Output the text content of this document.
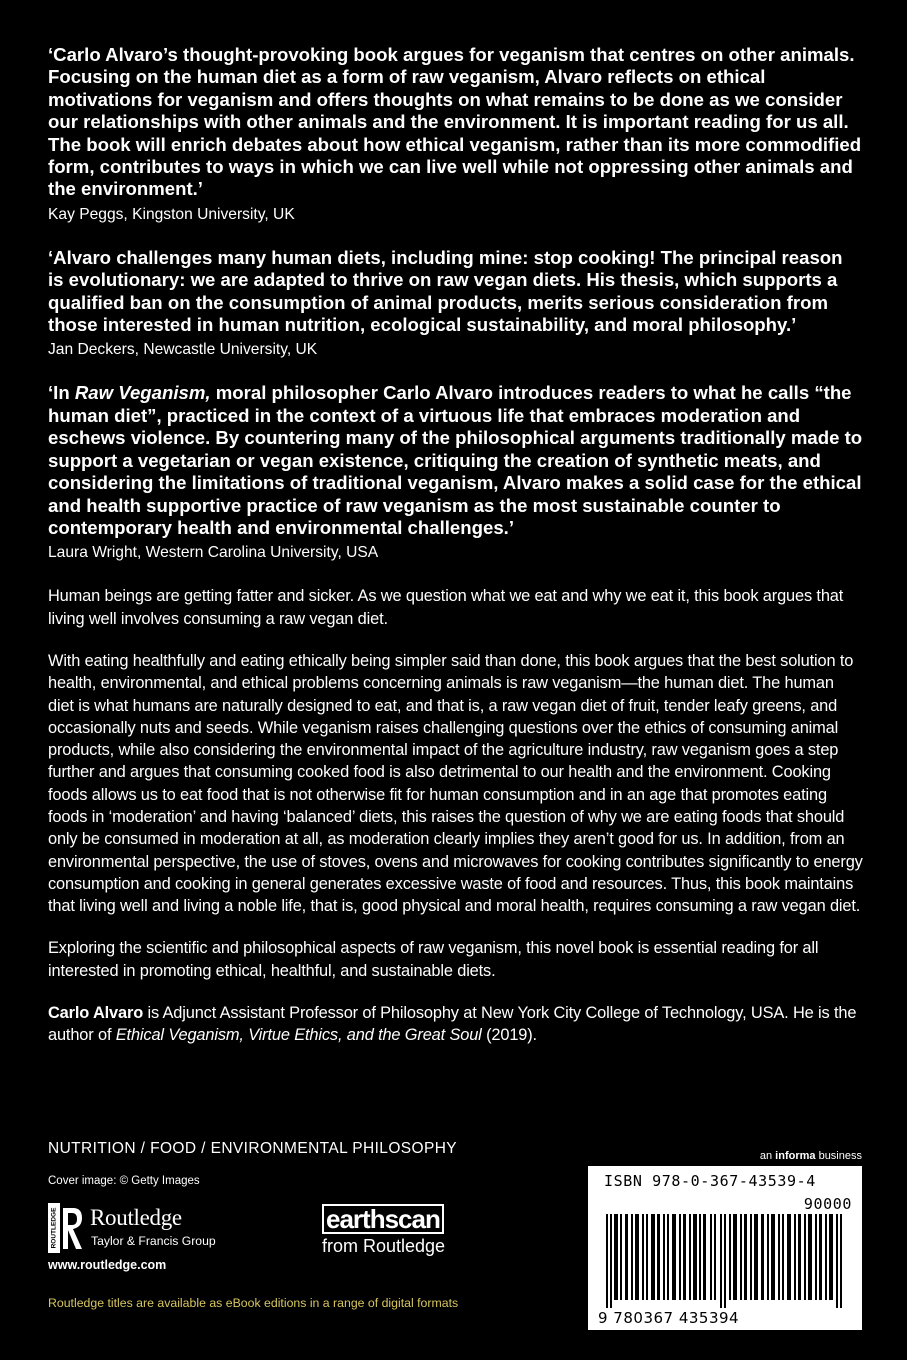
‘Carlo Alvaro’s thought-provoking book argues for veganism that centres on other animals. Focusing on the human diet as a form of raw veganism, Alvaro reflects on ethical motivations for veganism and offers thoughts on what remains to be done as we consider our relationships with other animals and the environment. It is important reading for us all. The book will enrich debates about how ethical veganism, rather than its more commodified form, contributes to ways in which we can live well while not oppressing other animals and the environment.’

Kay Peggs, Kingston University, UK

‘Alvaro challenges many human diets, including mine: stop cooking! The principal reason is evolutionary: we are adapted to thrive on raw vegan diets. His thesis, which supports a qualified ban on the consumption of animal products, merits serious consideration from those interested in human nutrition, ecological sustainability, and moral philosophy.’

Jan Deckers, Newcastle University, UK

‘In Raw Veganism, moral philosopher Carlo Alvaro introduces readers to what he calls “the human diet”, practiced in the context of a virtuous life that embraces moderation and eschews violence. By countering many of the philosophical arguments traditionally made to support a vegetarian or vegan existence, critiquing the creation of synthetic meats, and considering the limitations of traditional veganism, Alvaro makes a solid case for the ethical and health supportive practice of raw veganism as the most sustainable counter to contemporary health and environmental challenges.’

Laura Wright, Western Carolina University, USA

Human beings are getting fatter and sicker. As we question what we eat and why we eat it, this book argues that living well involves consuming a raw vegan diet.

With eating healthfully and eating ethically being simpler said than done, this book argues that the best solution to health, environmental, and ethical problems concerning animals is raw veganism—the human diet. The human diet is what humans are naturally designed to eat, and that is, a raw vegan diet of fruit, tender leafy greens, and occasionally nuts and seeds. While veganism raises challenging questions over the ethics of consuming animal products, while also considering the environmental impact of the agriculture industry, raw veganism goes a step further and argues that consuming cooked food is also detrimental to our health and the environment. Cooking foods allows us to eat food that is not otherwise fit for human consumption and in an age that promotes eating foods in ‘moderation’ and having ‘balanced’ diets, this raises the question of why we are eating foods that should only be consumed in moderation at all, as moderation clearly implies they aren’t good for us. In addition, from an environmental perspective, the use of stoves, ovens and microwaves for cooking contributes significantly to energy consumption and cooking in general generates excessive waste of food and resources. Thus, this book maintains that living well and living a noble life, that is, good physical and moral health, requires consuming a raw vegan diet.

Exploring the scientific and philosophical aspects of raw veganism, this novel book is essential reading for all interested in promoting ethical, healthful, and sustainable diets.

Carlo Alvaro is Adjunct Assistant Professor of Philosophy at New York City College of Technology, USA. He is the author of Ethical Veganism, Virtue Ethics, and the Great Soul (2019).

NUTRITION / FOOD / ENVIRONMENTAL PHILOSOPHY	an informa business
Cover image: © Getty Images
ROUTLEDGE Routledge
Taylor & Francis Group
www.routledge.com
earthscan
from Routledge
Routledge titles are available as eBook editions in a range of digital formats
ISBN 978-0-367-43539-4
90000
9 780367 435394
